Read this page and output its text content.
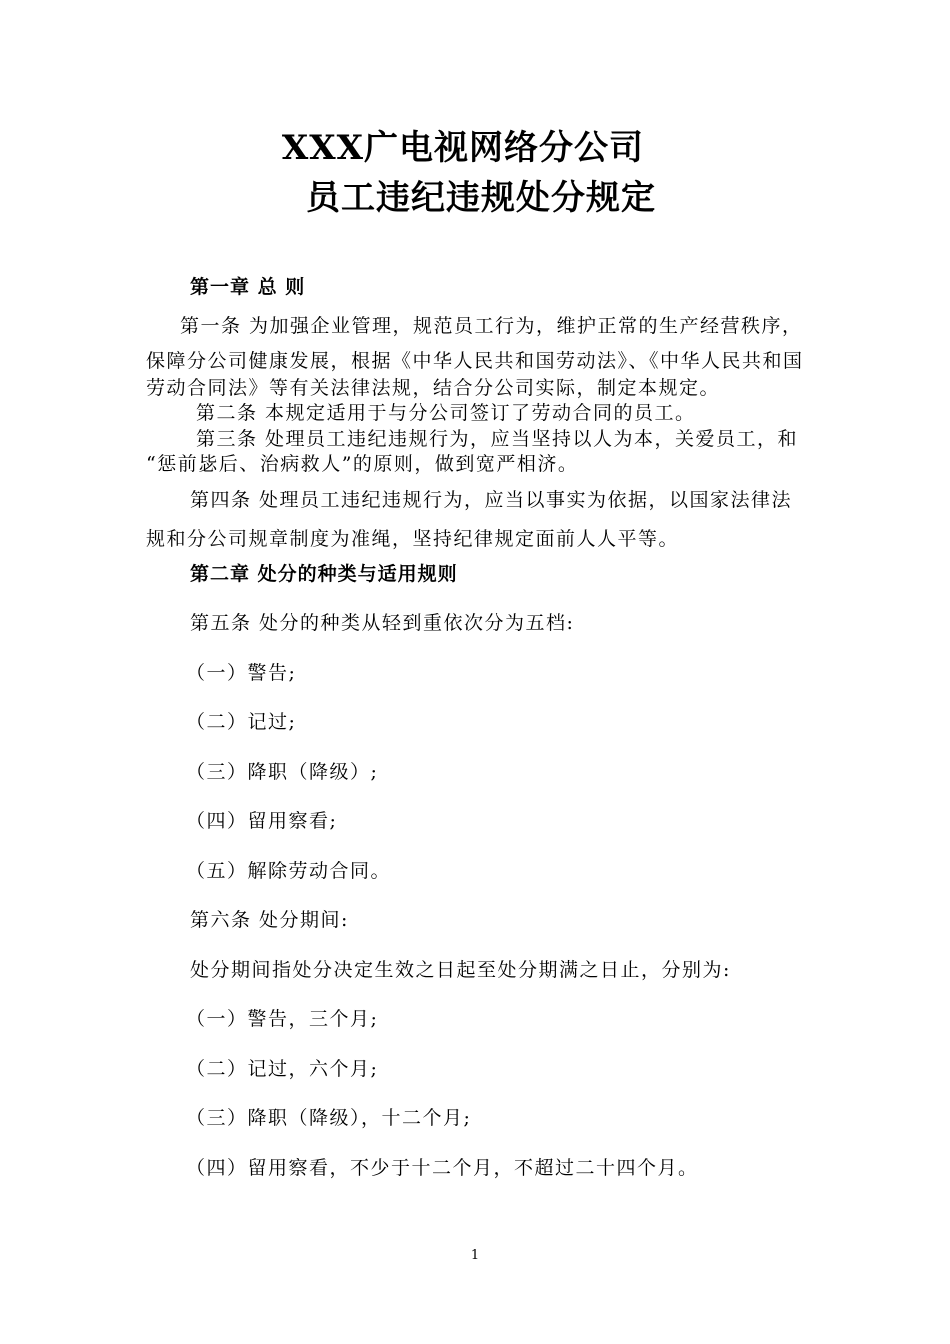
XXX广电视网络分公司
员工违纪违规处分规定
第一章 总 则
第一条 为加强企业管理，规范员工行为，维护正常的生产经营秩序，
保障分公司健康发展，根据《中华人民共和国劳动法》、《中华人民共和国
劳动合同法》等有关法律法规，结合分公司实际，制定本规定。
第二条 本规定适用于与分公司签订了劳动合同的员工。
第三条 处理员工违纪违规行为，应当坚持以人为本，关爱员工，和
“惩前毖后、治病救人”的原则，做到宽严相济。
第四条 处理员工违纪违规行为，应当以事实为依据，以国家法律法
规和分公司规章制度为准绳，坚持纪律规定面前人人平等。
第二章 处分的种类与适用规则
第五条 处分的种类从轻到重依次分为五档:
（一）警告;
（二）记过;
（三）降职（降级）;
（四）留用察看;
（五）解除劳动合同。
第六条 处分期间:
处分期间指处分决定生效之日起至处分期满之日止，分别为:
（一）警告，三个月;
（二）记过，六个月;
（三）降职（降级），十二个月;
（四）留用察看，不少于十二个月，不超过二十四个月。
1
